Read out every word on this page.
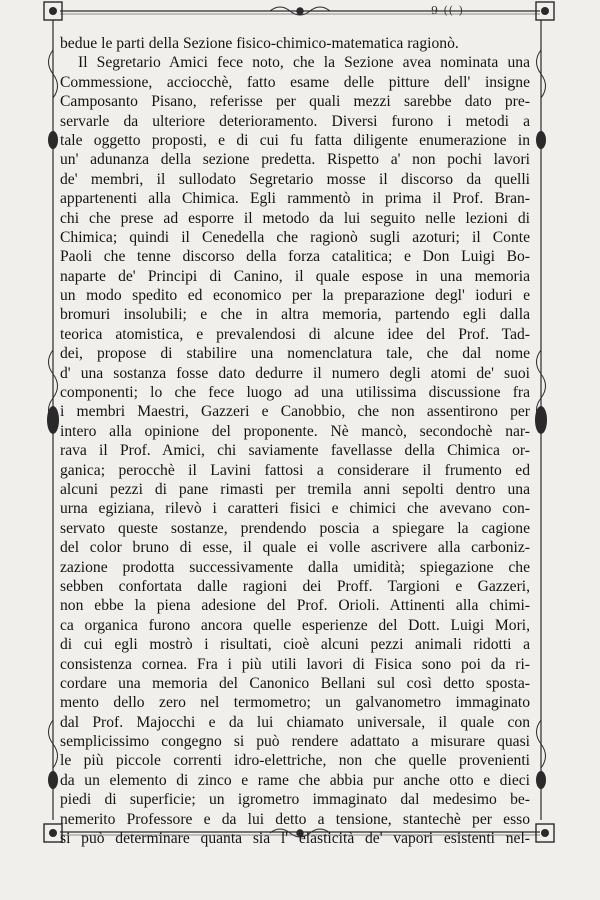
9 (( )
bedue le parti della Sezione fisico-chimico-matematica ragionò.
Il Segretario Amici fece noto, che la Sezione avea nominata una
Commessione, acciocchè, fatto esame delle pitture dell' insigne
Camposanto Pisano, referisse per quali mezzi sarebbe dato pre-
servarle da ulteriore deterioramento. Diversi furono i metodi a
tale oggetto proposti, e di cui fu fatta diligente enumerazione in
un' adunanza della sezione predetta. Rispetto a' non pochi lavori
de' membri, il sullodato Segretario mosse il discorso da quelli
appartenenti alla Chimica. Egli rammentò in prima il Prof. Bran-
chi che prese ad esporre il metodo da lui seguito nelle lezioni di
Chimica; quindi il Cenedella che ragionò sugli azoturi; il Conte
Paoli che tenne discorso della forza catalitica; e Don Luigi Bo-
naparte de' Principi di Canino, il quale espose in una memoria
un modo spedito ed economico per la preparazione degl' ioduri e
bromuri insolubili; e che in altra memoria, partendo egli dalla
teorica atomistica, e prevalendosi di alcune idee del Prof. Tad-
dei, propose di stabilire una nomenclatura tale, che dal nome
d' una sostanza fosse dato dedurre il numero degli atomi de' suoi
componenti; lo che fece luogo ad una utilissima discussione fra
i membri Maestri, Gazzeri e Canobbio, che non assentirono per
intero alla opinione del proponente. Nè mancò, secondochè nar-
rava il Prof. Amici, chi saviamente favellasse della Chimica or-
ganica; perocchè il Lavini fattosi a considerare il frumento ed
alcuni pezzi di pane rimasti per tremila anni sepolti dentro una
urna egiziana, rilevò i caratteri fisici e chimici che avevano con-
servato queste sostanze, prendendo poscia a spiegare la cagione
del color bruno di esse, il quale ei volle ascrivere alla carboniz-
zazione prodotta successivamente dalla umidità; spiegazione che
sebben confortata dalle ragioni dei Proff. Targioni e Gazzeri,
non ebbe la piena adesione del Prof. Orioli. Attinenti alla chimi-
ca organica furono ancora quelle esperienze del Dott. Luigi Mori,
di cui egli mostrò i risultati, cioè alcuni pezzi animali ridotti a
consistenza cornea. Fra i più utili lavori di Fisica sono poi da ri-
cordare una memoria del Canonico Bellani sul così detto sposta-
mento dello zero nel termometro; un galvanometro immaginato
dal Prof. Majocchi e da lui chiamato universale, il quale con
semplicissimo congegno si può rendere adattato a misurare quasi
le più piccole correnti idro-elettriche, non che quelle provenienti
da un elemento di zinco e rame che abbia pur anche otto e dieci
piedi di superficie; un igrometro immaginato dal medesimo be-
nemerito Professore e da lui detto a tensione, stantechè per esso
si può determinare quanta sia l' elasticità de' vapori esistenti nel-
